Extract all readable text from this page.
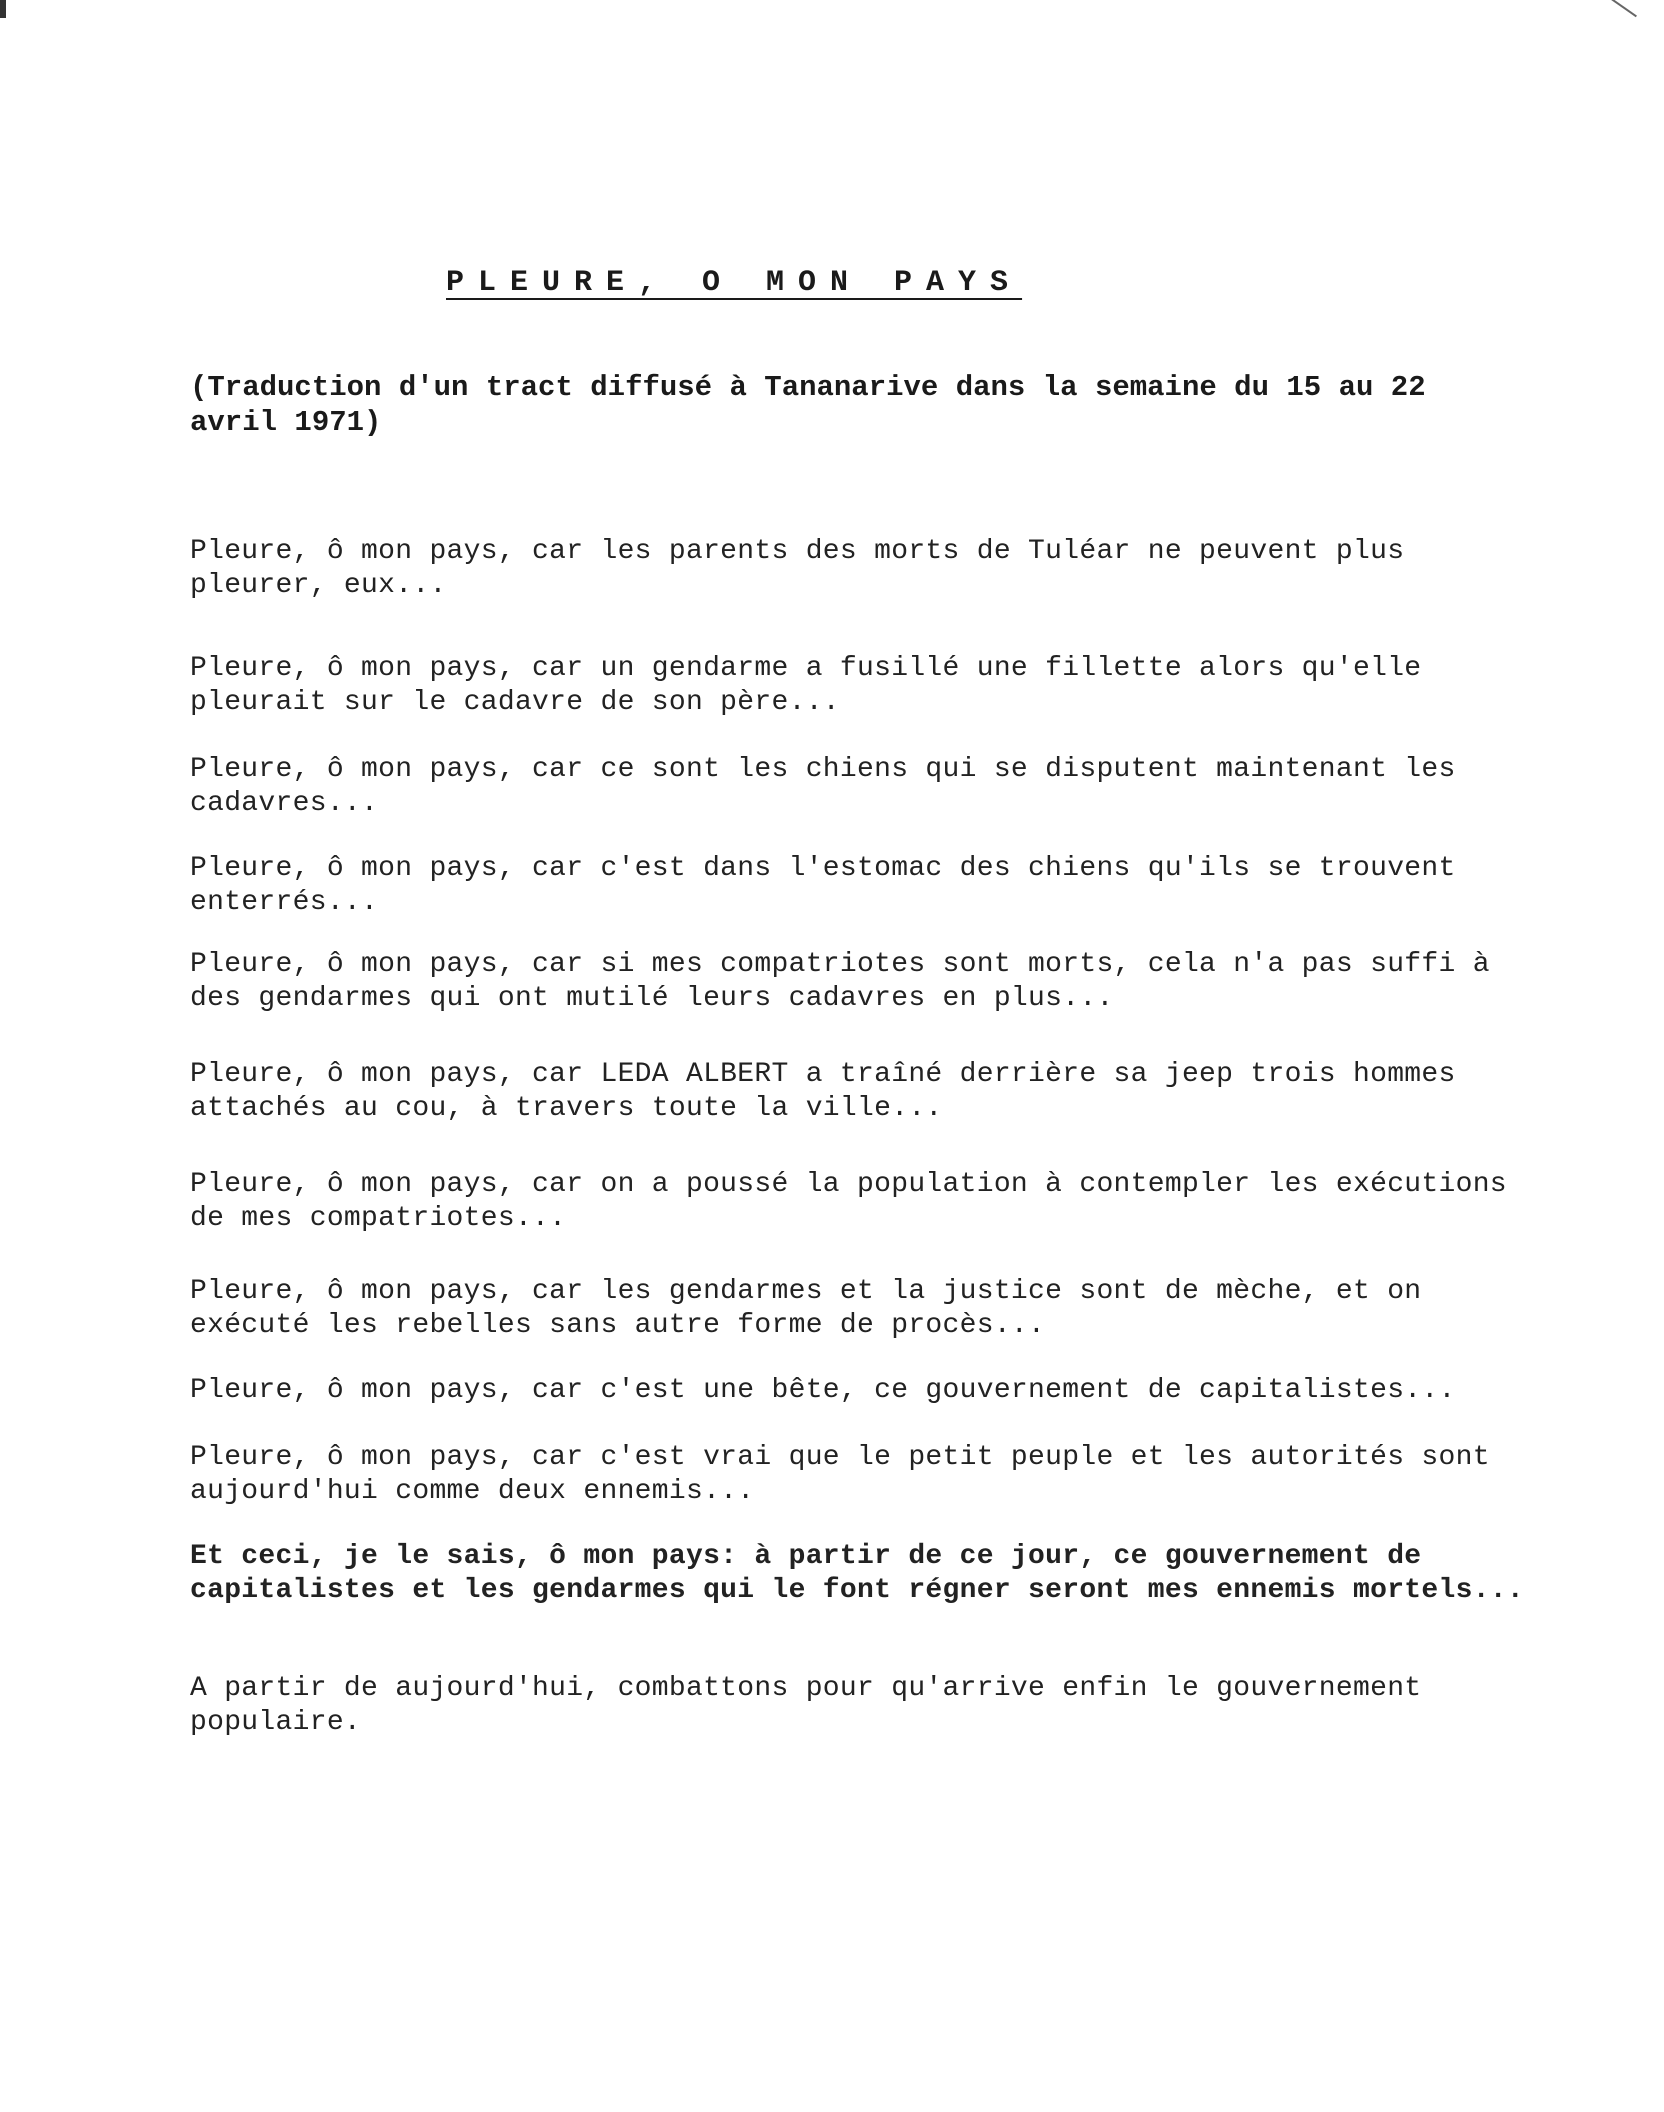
PLEURE, O MON PAYS
(Traduction d'un tract diffusé à Tananarive dans la semaine du 15 au 22 avril 1971)
Pleure, ô mon pays, car les parents des morts de Tuléar ne peuvent plus pleurer, eux...
Pleure, ô mon pays, car un gendarme a fusillé une fillette alors qu'elle pleurait sur le cadavre de son père...
Pleure, ô mon pays, car ce sont les chiens qui se disputent maintenant les cadavres...
Pleure, ô mon pays, car c'est dans l'estomac des chiens qu'ils se trouvent enterrés...
Pleure, ô mon pays, car si mes compatriotes sont morts, cela n'a pas suffi à des gendarmes qui ont mutilé leurs cadavres en plus...
Pleure, ô mon pays, car LEDA ALBERT a traîné derrière sa jeep trois hommes attachés au cou, à travers toute la ville...
Pleure, ô mon pays, car on a poussé la population à contempler les exécutions de mes compatriotes...
Pleure, ô mon pays, car les gendarmes et la justice sont de mèche, et on exécuté les rebelles sans autre forme de procès...
Pleure, ô mon pays, car c'est une bête, ce gouvernement de capitalistes...
Pleure, ô mon pays, car c'est vrai que le petit peuple et les autorités sont aujourd'hui comme deux ennemis...
Et ceci, je le sais, ô mon pays: à partir de ce jour, ce gouvernement de capitalistes et les gendarmes qui le font régner seront mes ennemis mortels...
A partir de aujourd'hui, combattons pour qu'arrive enfin le gouvernement populaire.
